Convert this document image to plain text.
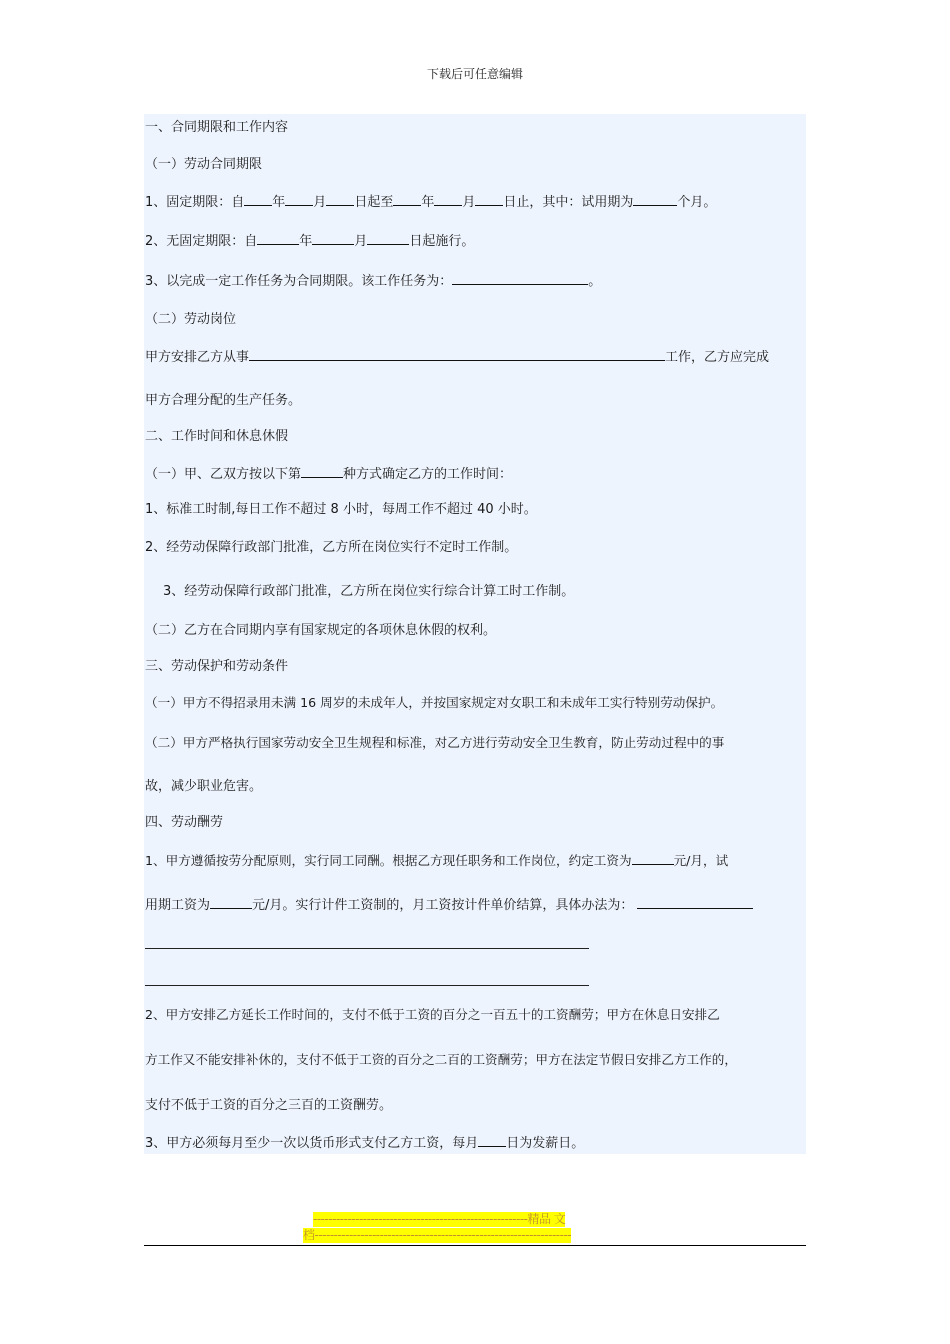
下载后可任意编辑
一、合同期限和工作内容
（一）劳动合同期限
1、固定期限：自 年 月 日起至 年 月 日止，其中：试用期为	个月。
2、无固定期限：自	年	月	日起施行。
3、以完成一定工作任务为合同期限。该工作任务为：	。
（二）劳动岗位
甲方安排乙方从事	工作，乙方应完成
甲方合理分配的生产任务。
二、工作时间和休息休假
（一）甲、乙双方按以下第	种方式确定乙方的工作时间：
1、标准工时制,每日工作不超过 8 小时，每周工作不超过 40 小时。
2、经劳动保障行政部门批准，乙方所在岗位实行不定时工作制。
3、经劳动保障行政部门批准，乙方所在岗位实行综合计算工时工作制。
（二）乙方在合同期内享有国家规定的各项休息休假的权利。
三、劳动保护和劳动条件
（一）甲方不得招录用未满 16 周岁的未成年人，并按国家规定对女职工和未成年工实行特别劳动保护。
（二）甲方严格执行国家劳动安全卫生规程和标准，对乙方进行劳动安全卫生教育，防止劳动过程中的事
故，减少职业危害。
四、劳动酬劳
1、甲方遵循按劳分配原则，实行同工同酬。根据乙方现任职务和工作岗位，约定工资为	元/月，试
用期工资为	元/月。实行计件工资制的，月工资按计件单价结算，具体办法为：
2、甲方安排乙方延长工作时间的，支付不低于工资的百分之一百五十的工资酬劳；甲方在休息日安排乙
方工作又不能安排补休的，支付不低于工资的百分之二百的工资酬劳；甲方在法定节假日安排乙方工作的，
支付不低于工资的百分之三百的工资酬劳。
3、甲方必须每月至少一次以货币形式支付乙方工资，每月 日为发薪日。
--------------------------------------------------------精品 文
档-------------------------------------------------------------------
